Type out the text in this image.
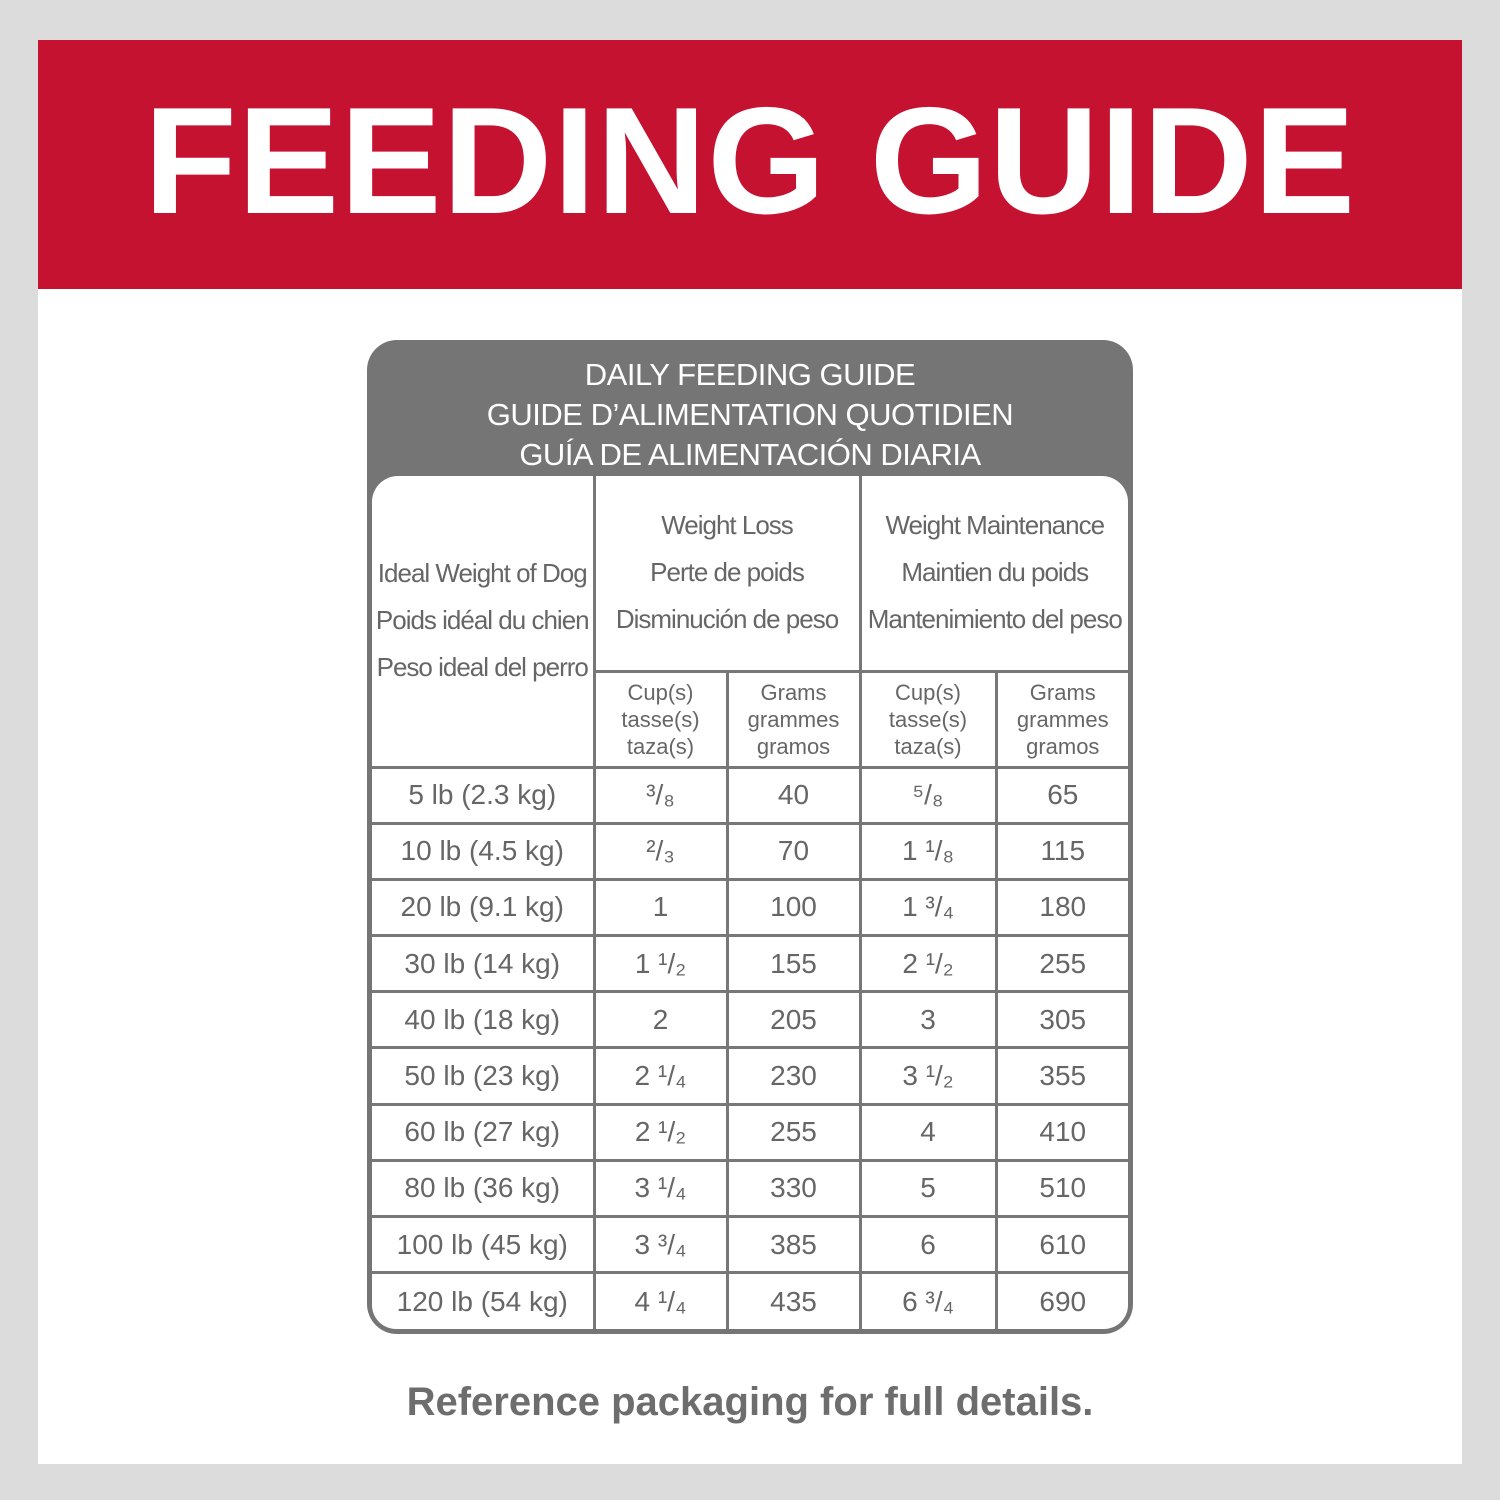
FEEDING GUIDE
DAILY FEEDING GUIDE
GUIDE D’ALIMENTATION QUOTIDIEN
GUÍA DE ALIMENTACIÓN DIARIA
Ideal Weight of Dog
Poids idéal du chien
Peso ideal del perro	Weight Loss
Perte de poids
Disminución de peso		Weight Maintenance
Maintien du poids
Mantenimiento del peso	

	Cup(s)
tasse(s)
taza(s)	Grams
grammes
gramos	Cup(s)
tasse(s)
taza(s)	Grams
grammes
gramos

5 lb (2.3 kg)	³/₈	40	⁵/₈	65
10 lb (4.5 kg)	²/₃	70	1 ¹/₈	115
20 lb (9.1 kg)	1	100	1 ³/₄	180
30 lb (14 kg)	1 ¹/₂	155	2 ¹/₂	255
40 lb (18 kg)	2	205	3	305
50 lb (23 kg)	2 ¹/₄	230	3 ¹/₂	355
60 lb (27 kg)	2 ¹/₂	255	4	410
80 lb (36 kg)	3 ¹/₄	330	5	510
100 lb (45 kg)	3 ³/₄	385	6	610
120 lb (54 kg)	4 ¹/₄	435	6 ³/₄	690
Reference packaging for full details.
